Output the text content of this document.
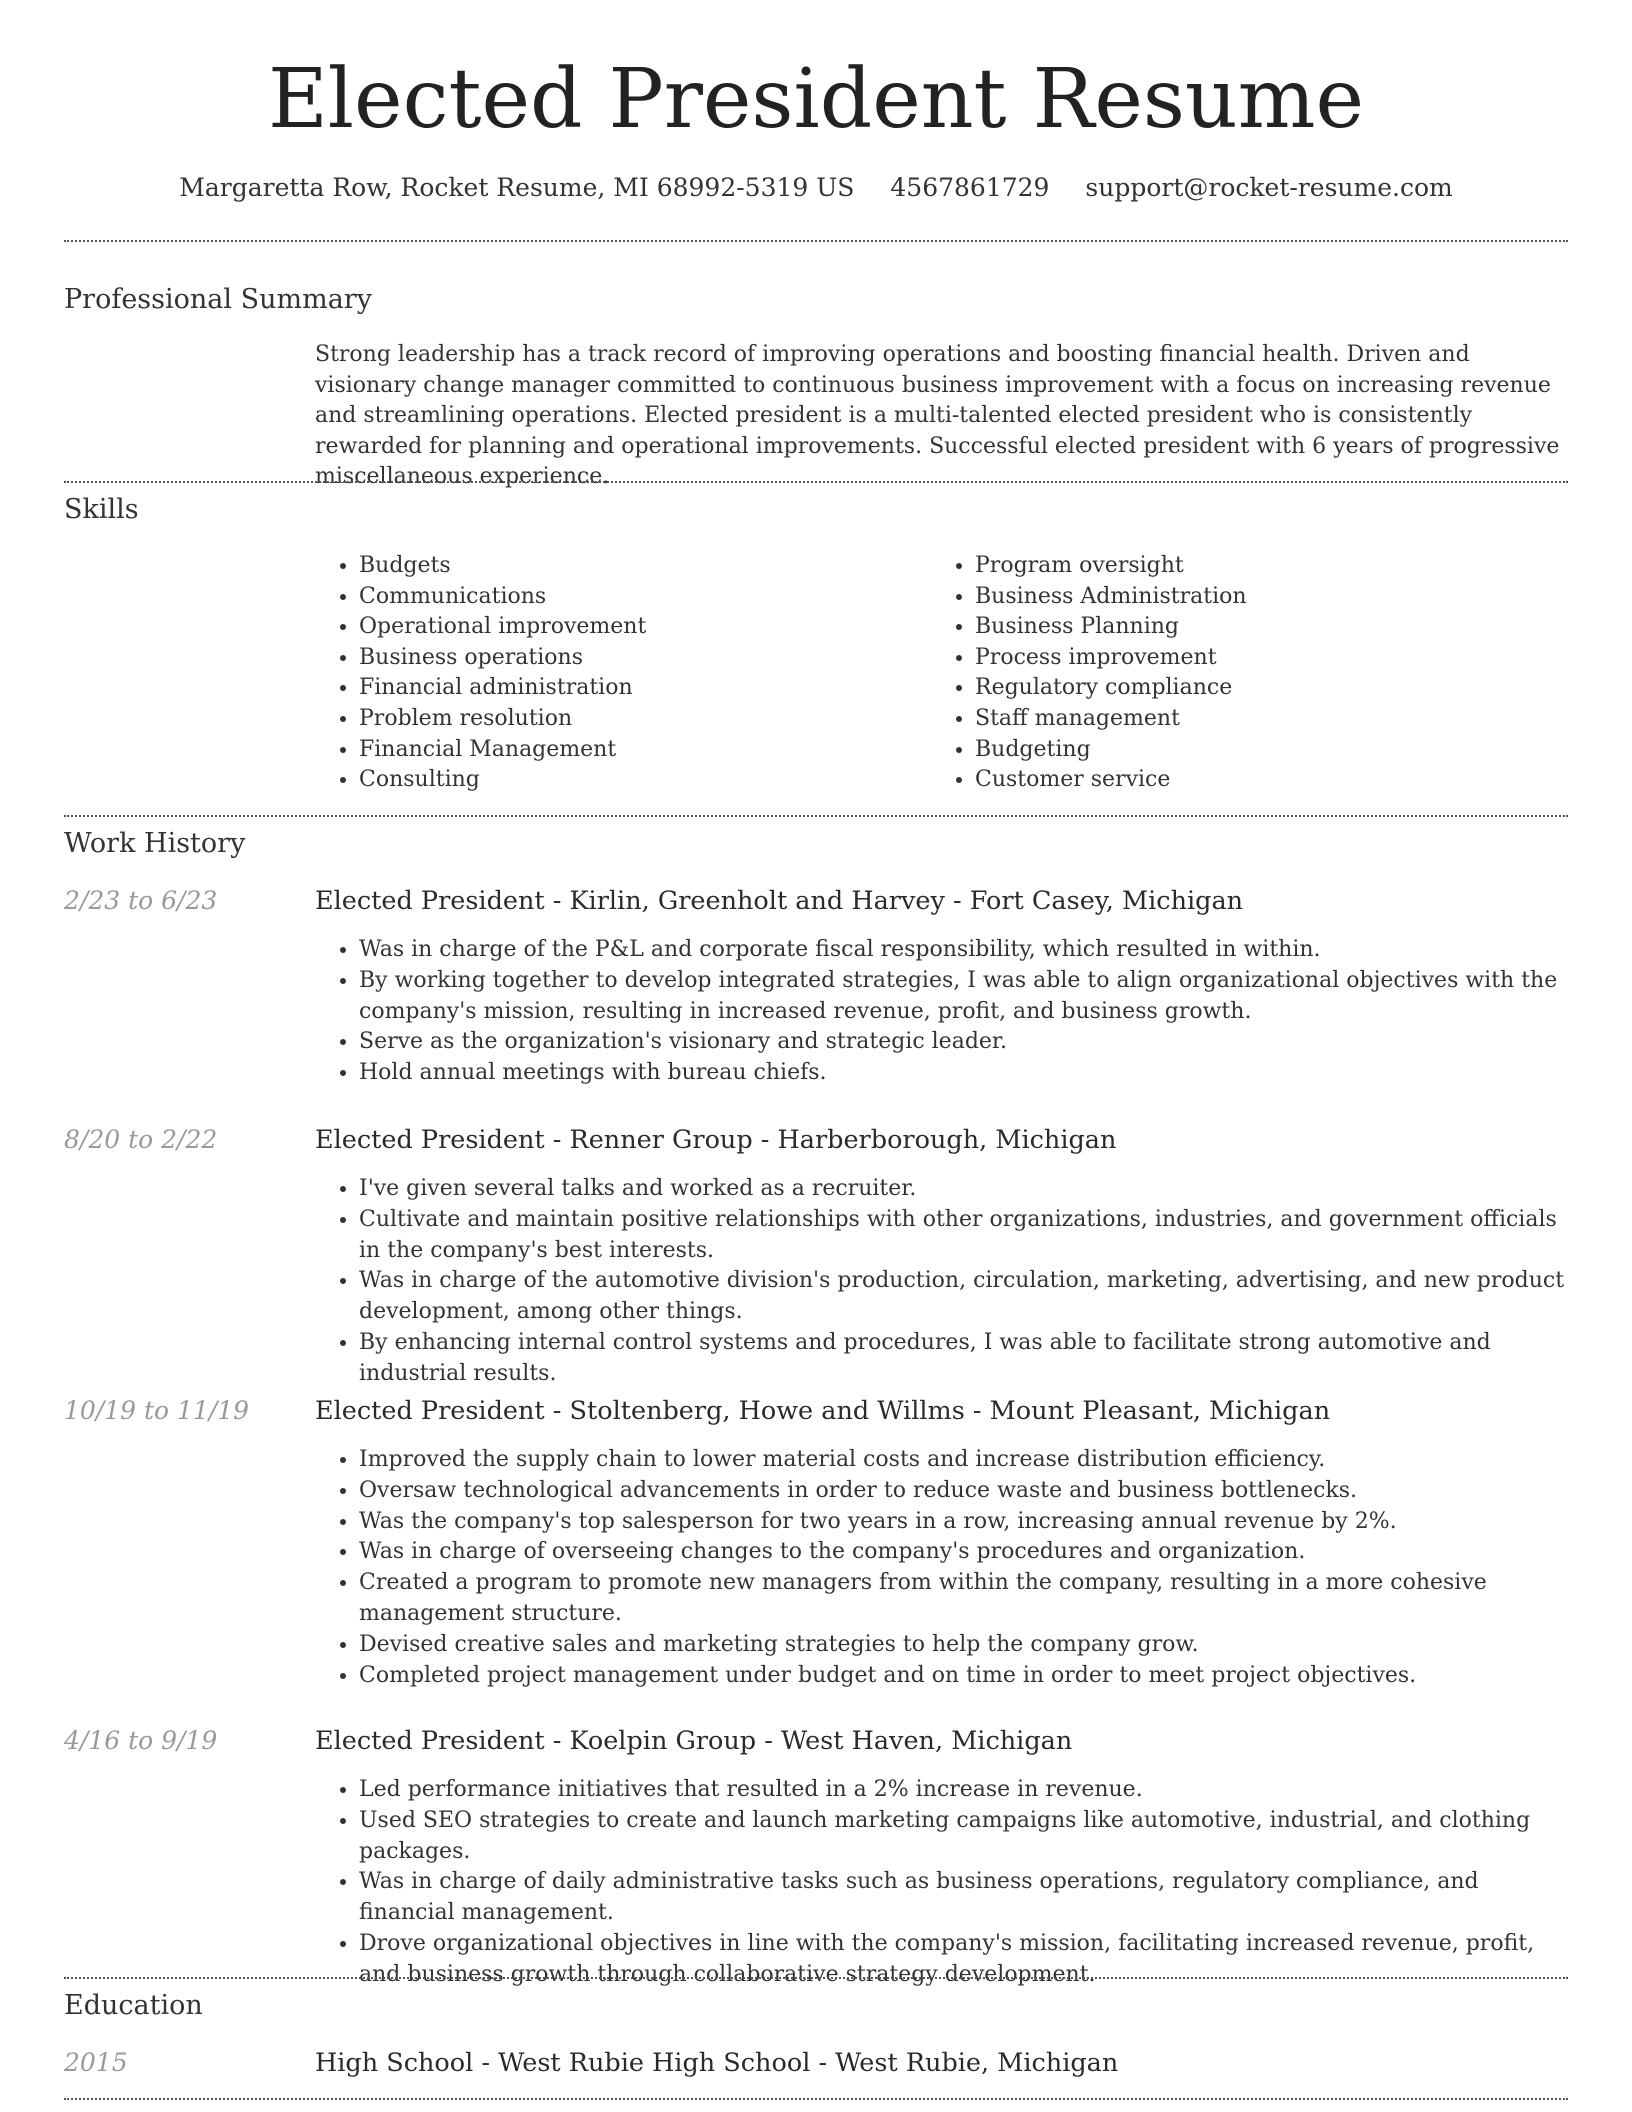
Elected President Resume
Margaretta Row, Rocket Resume, MI 68992-5319 US 4567861729 support@rocket-resume.com
Professional Summary

Strong leadership has a track record of improving operations and boosting financial health. Driven and visionary change manager committed to continuous business improvement with a focus on increasing revenue and streamlining operations. Elected president is a multi-talented elected president who is consistently rewarded for planning and operational improvements. Successful elected president with 6 years of progressive miscellaneous experience.

Skills
• Budgets
• Communications
• Operational improvement
• Business operations
• Financial administration
• Problem resolution
• Financial Management
• Consulting
• Program oversight
• Business Administration
• Business Planning
• Process improvement
• Regulatory compliance
• Staff management
• Budgeting
• Customer service
Work History
2/23 to 6/23	Elected President - Kirlin, Greenholt and Harvey - Fort Casey, Michigan
• Was in charge of the P&L and corporate fiscal responsibility, which resulted in within.
• By working together to develop integrated strategies, I was able to align organizational objectives with the company's mission, resulting in increased revenue, profit, and business growth.
• Serve as the organization's visionary and strategic leader.
• Hold annual meetings with bureau chiefs.
8/20 to 2/22	Elected President - Renner Group - Harberborough, Michigan
• I've given several talks and worked as a recruiter.
• Cultivate and maintain positive relationships with other organizations, industries, and government officials in the company's best interests.
• Was in charge of the automotive division's production, circulation, marketing, advertising, and new product development, among other things.
• By enhancing internal control systems and procedures, I was able to facilitate strong automotive and industrial results.
10/19 to 11/19	Elected President - Stoltenberg, Howe and Willms - Mount Pleasant, Michigan
• Improved the supply chain to lower material costs and increase distribution efficiency.
• Oversaw technological advancements in order to reduce waste and business bottlenecks.
• Was the company's top salesperson for two years in a row, increasing annual revenue by 2%.
• Was in charge of overseeing changes to the company's procedures and organization.
• Created a program to promote new managers from within the company, resulting in a more cohesive management structure.
• Devised creative sales and marketing strategies to help the company grow.
• Completed project management under budget and on time in order to meet project objectives.
4/16 to 9/19	Elected President - Koelpin Group - West Haven, Michigan
• Led performance initiatives that resulted in a 2% increase in revenue.
• Used SEO strategies to create and launch marketing campaigns like automotive, industrial, and clothing packages.
• Was in charge of daily administrative tasks such as business operations, regulatory compliance, and financial management.
• Drove organizational objectives in line with the company's mission, facilitating increased revenue, profit, and business growth through collaborative strategy development.
Education
2015	High School - West Rubie High School - West Rubie, Michigan
